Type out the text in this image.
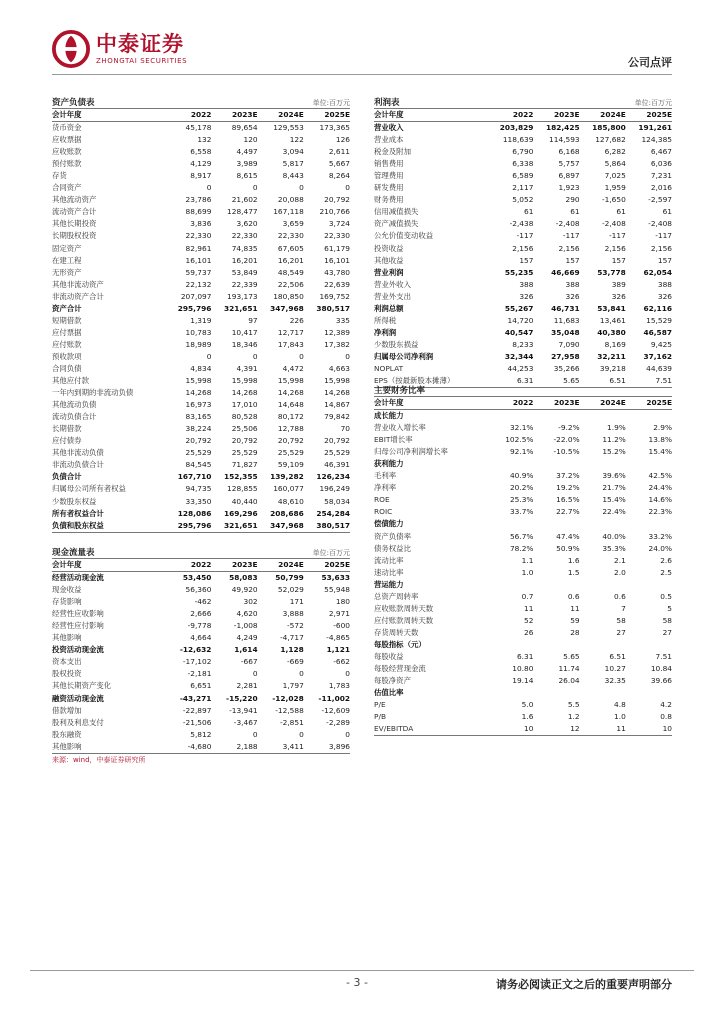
中泰证券
ZHONGTAI SECURITIES	公司点评
资产负债表	单位:百万元
会计年度	2022	2023E	2024E	2025E
货币资金	45,178	89,654	129,553	173,365
应收票据	132	120	122	126
应收账款	6,558	4,497	3,094	2,611
预付账款	4,129	3,989	5,817	5,667
存货	8,917	8,615	8,443	8,264
合同资产	0	0	0	0
其他流动资产	23,786	21,602	20,088	20,792
流动资产合计	88,699	128,477	167,118	210,766
其他长期投资	3,836	3,620	3,659	3,724
长期股权投资	22,330	22,330	22,330	22,330
固定资产	82,961	74,835	67,605	61,179
在建工程	16,101	16,201	16,201	16,101
无形资产	59,737	53,849	48,549	43,780
其他非流动资产	22,132	22,339	22,506	22,639
非流动资产合计	207,097	193,173	180,850	169,752
资产合计	295,796	321,651	347,968	380,517
短期借款	1,319	97	226	335
应付票据	10,783	10,417	12,717	12,389
应付账款	18,989	18,346	17,843	17,382
预收款项	0	0	0	0
合同负债	4,834	4,391	4,472	4,663
其他应付款	15,998	15,998	15,998	15,998
一年内到期的非流动负债	14,268	14,268	14,268	14,268
其他流动负债	16,973	17,010	14,648	14,867
流动负债合计	83,165	80,528	80,172	79,842
长期借款	38,224	25,506	12,788	70
应付债券	20,792	20,792	20,792	20,792
其他非流动负债	25,529	25,529	25,529	25,529
非流动负债合计	84,545	71,827	59,109	46,391
负债合计	167,710	152,355	139,282	126,234
归属母公司所有者权益	94,735	128,855	160,077	196,249
少数股东权益	33,350	40,440	48,610	58,034
所有者权益合计	128,086	169,296	208,686	254,284
负债和股东权益	295,796	321,651	347,968	380,517
现金流量表	单位:百万元
会计年度	2022	2023E	2024E	2025E
经营活动现金流	53,450	58,083	50,799	53,633
现金收益	56,360	49,920	52,029	55,948
存货影响	-462	302	171	180
经营性应收影响	2,666	4,620	3,888	2,971
经营性应付影响	-9,778	-1,008	-572	-600
其他影响	4,664	4,249	-4,717	-4,865
投资活动现金流	-12,632	1,614	1,128	1,121
资本支出	-17,102	-667	-669	-662
股权投资	-2,181	0	0	0
其他长期资产变化	6,651	2,281	1,797	1,783
融资活动现金流	-43,271	-15,220	-12,028	-11,002
借款增加	-22,897	-13,941	-12,588	-12,609
股利及利息支付	-21,506	-3,467	-2,851	-2,289
股东融资	5,812	0	0	0
其他影响	-4,680	2,188	3,411	3,896
利润表	单位:百万元
会计年度	2022	2023E	2024E	2025E
营业收入	203,829	182,425	185,800	191,261
营业成本	118,639	114,593	127,682	124,385
税金及附加	6,790	6,168	6,282	6,467
销售费用	6,338	5,757	5,864	6,036
管理费用	6,589	6,897	7,025	7,231
研发费用	2,117	1,923	1,959	2,016
财务费用	5,052	290	-1,650	-2,597
信用减值损失	61	61	61	61
资产减值损失	-2,438	-2,408	-2,408	-2,408
公允价值变动收益	-117	-117	-117	-117
投资收益	2,156	2,156	2,156	2,156
其他收益	157	157	157	157
营业利润	55,235	46,669	53,778	62,054
营业外收入	388	388	389	388
营业外支出	326	326	326	326
利润总额	55,267	46,731	53,841	62,116
所得税	14,720	11,683	13,461	15,529
净利润	40,547	35,048	40,380	46,587
少数股东损益	8,233	7,090	8,169	9,425
归属母公司净利润	32,344	27,958	32,211	37,162
NOPLAT	44,253	35,266	39,218	44,639
EPS（按最新股本摊薄）	6.31	5.65	6.51	7.51
主要财务比率
会计年度	2022	2023E	2024E	2025E
成长能力				
营业收入增长率	32.1%	-9.2%	1.9%	2.9%
EBIT增长率	102.5%	-22.0%	11.2%	13.8%
归母公司净利润增长率	92.1%	-10.5%	15.2%	15.4%
获利能力				
毛利率	40.9%	37.2%	39.6%	42.5%
净利率	20.2%	19.2%	21.7%	24.4%
ROE	25.3%	16.5%	15.4%	14.6%
ROIC	33.7%	22.7%	22.4%	22.3%
偿债能力				
资产负债率	56.7%	47.4%	40.0%	33.2%
债务权益比	78.2%	50.9%	35.3%	24.0%
流动比率	1.1	1.6	2.1	2.6
速动比率	1.0	1.5	2.0	2.5
营运能力				
总资产周转率	0.7	0.6	0.6	0.5
应收账款周转天数	11	11	7	5
应付账款周转天数	52	59	58	58
存货周转天数	26	28	27	27
每股指标（元）				
每股收益	6.31	5.65	6.51	7.51
每股经营现金流	10.80	11.74	10.27	10.84
每股净资产	19.14	26.04	32.35	39.66
估值比率				
P/E	5.0	5.5	4.8	4.2
P/B	1.6	1.2	1.0	0.8
EV/EBITDA	10	12	11	10
来源：wind，中泰证券研究所
- 3 -	请务必阅读正文之后的重要声明部分
